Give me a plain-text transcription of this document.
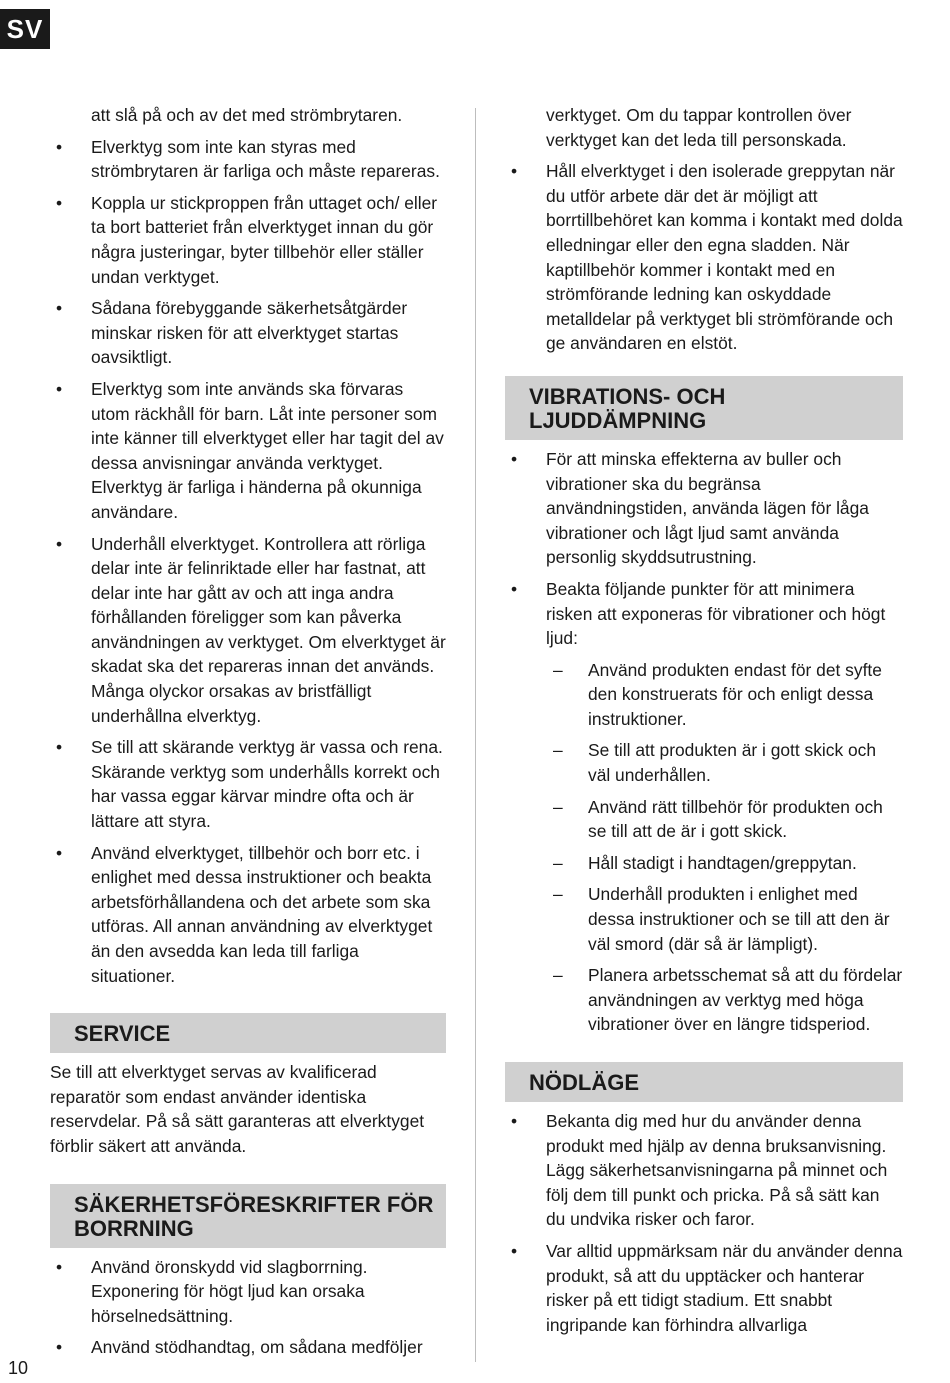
SV
10

att slå på och av det med strömbrytaren.

• Elverktyg som inte kan styras med strömbrytaren är farliga och måste repareras.
• Koppla ur stickproppen från uttaget och/ eller ta bort batteriet från elverktyget innan du gör några justeringar, byter tillbehör eller ställer undan verktyget.
• Sådana förebyggande säkerhetsåtgärder minskar risken för att elverktyget startas oavsiktligt.
• Elverktyg som inte används ska förvaras utom räckhåll för barn. Låt inte personer som inte känner till elverktyget eller har tagit del av dessa anvisningar använda verktyget. Elverktyg är farliga i händerna på okunniga användare.
• Underhåll elverktyget. Kontrollera att rörliga delar inte är felinriktade eller har fastnat, att delar inte har gått av och att inga andra förhållanden föreligger som kan påverka användningen av verktyget. Om elverktyget är skadat ska det repareras innan det används. Många olyckor orsakas av bristfälligt underhållna elverktyg.
• Se till att skärande verktyg är vassa och rena. Skärande verktyg som underhålls korrekt och har vassa eggar kärvar mindre ofta och är lättare att styra.
• Använd elverktyget, tillbehör och borr etc. i enlighet med dessa instruktioner och beakta arbetsförhållandena och det arbete som ska utföras. All annan användning av elverktyget än den avsedda kan leda till farliga situationer.
SERVICE

Se till att elverktyget servas av kvalificerad reparatör som endast använder identiska reservdelar. På så sätt garanteras att elverktyget förblir säkert att använda.

SÄKERHETSFÖRESKRIFTER FÖR BORRNING
• Använd öronskydd vid slagborrning. Exponering för högt ljud kan orsaka hörselnedsättning.
• Använd stödhandtag, om sådana medföljer

verktyget. Om du tappar kontrollen över verktyget kan det leda till personskada.

• Håll elverktyget i den isolerade greppytan när du utför arbete där det är möjligt att borrtillbehöret kan komma i kontakt med dolda elledningar eller den egna sladden. När kaptillbehör kommer i kontakt med en strömförande ledning kan oskyddade metalldelar på verktyget bli strömförande och ge användaren en elstöt.
VIBRATIONS- OCH LJUDDÄMPNING
• För att minska effekterna av buller och vibrationer ska du begränsa användningstiden, använda lägen för låga vibrationer och lågt ljud samt använda personlig skyddsutrustning.
• Beakta följande punkter för att minimera risken att exponeras för vibrationer och högt ljud:
– Använd produkten endast för det syfte den konstruerats för och enligt dessa instruktioner.
– Se till att produkten är i gott skick och väl underhållen.
– Använd rätt tillbehör för produkten och se till att de är i gott skick.
– Håll stadigt i handtagen/greppytan.
– Underhåll produkten i enlighet med dessa instruktioner och se till att den är väl smord (där så är lämpligt).
– Planera arbetsschemat så att du fördelar användningen av verktyg med höga vibrationer över en längre tidsperiod.
NÖDLÄGE
• Bekanta dig med hur du använder denna produkt med hjälp av denna bruksanvisning. Lägg säkerhetsanvisningarna på minnet och följ dem till punkt och pricka. På så sätt kan du undvika risker och faror.
• Var alltid uppmärksam när du använder denna produkt, så att du upptäcker och hanterar risker på ett tidigt stadium. Ett snabbt ingripande kan förhindra allvarliga
